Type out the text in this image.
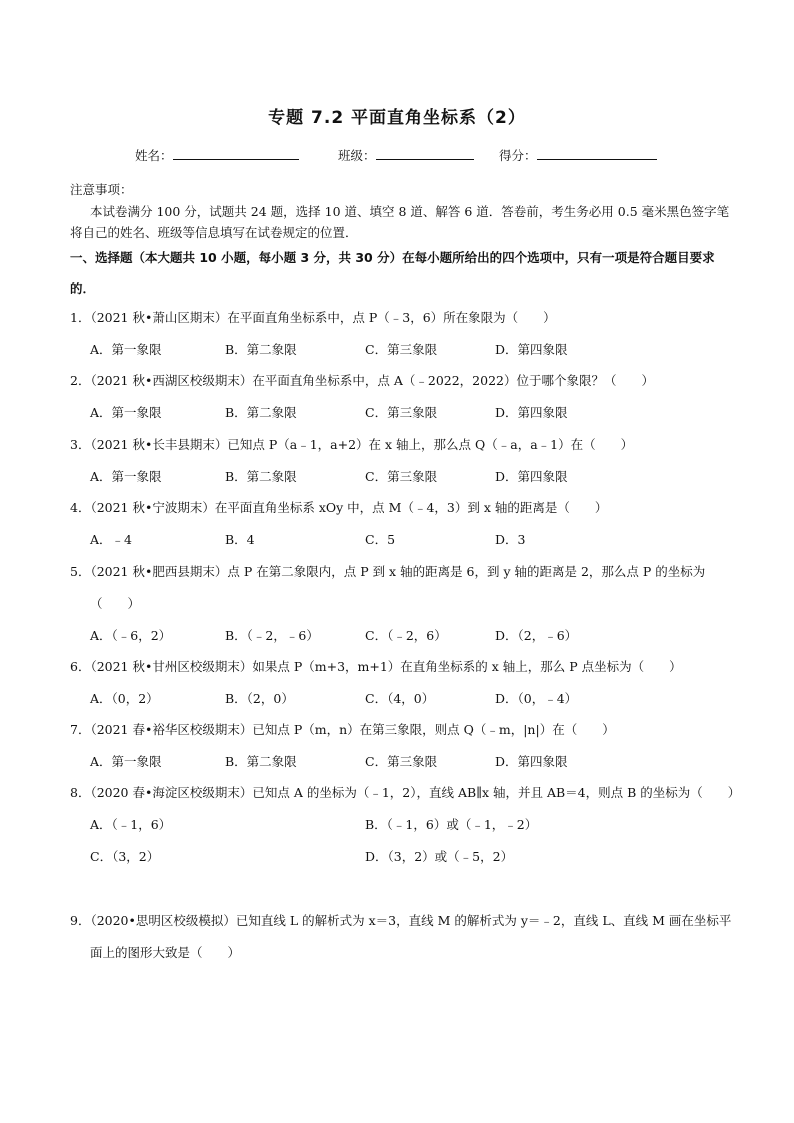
专题 7.2 平面直角坐标系（2）
姓名：	班级：	得分：
注意事项：
本试卷满分 100 分，试题共 24 题，选择 10 道、填空 8 道、解答 6 道．答卷前，考生务必用 0.5 毫米黑色签字笔将自己的姓名、班级等信息填写在试卷规定的位置．
一、选择题（本大题共 10 小题，每小题 3 分，共 30 分）在每小题所给出的四个选项中，只有一项是符合题目要求的．
1．（2021 秋•萧山区期末）在平面直角坐标系中，点 P（﹣3，6）所在象限为（　　）
A．第一象限	B．第二象限	C．第三象限	D．第四象限
2．（2021 秋•西湖区校级期末）在平面直角坐标系中，点 A（﹣2022，2022）位于哪个象限？（　　）
A．第一象限	B．第二象限	C．第三象限	D．第四象限
3．（2021 秋•长丰县期末）已知点 P（a﹣1，a+2）在 x 轴上，那么点 Q（﹣a，a﹣1）在（　　）
A．第一象限	B．第二象限	C．第三象限	D．第四象限
4．（2021 秋•宁波期末）在平面直角坐标系 xOy 中，点 M（﹣4，3）到 x 轴的距离是（　　）
A．﹣4	B．4	C．5	D．3
5．（2021 秋•肥西县期末）点 P 在第二象限内，点 P 到 x 轴的距离是 6，到 y 轴的距离是 2，那么点 P 的坐标为（　　）
A．（﹣6，2）	B．（﹣2，﹣6）	C．（﹣2，6）	D．（2，﹣6）
6．（2021 秋•甘州区校级期末）如果点 P（m+3，m+1）在直角坐标系的 x 轴上，那么 P 点坐标为（　　）
A．（0，2）	B．（2，0）	C．（4，0）	D．（0，﹣4）
7．（2021 春•裕华区校级期末）已知点 P（m，n）在第三象限，则点 Q（﹣m，|n|）在（　　）
A．第一象限	B．第二象限	C．第三象限	D．第四象限
8．（2020 春•海淀区校级期末）已知点 A 的坐标为（﹣1，2），直线 AB∥x 轴，并且 AB＝4，则点 B 的坐标为（　　）
A．（﹣1，6）	B．（﹣1，6）或（﹣1，﹣2）
C．（3，2）	D．（3，2）或（﹣5，2）
9．（2020•思明区校级模拟）已知直线 L 的解析式为 x＝3，直线 M 的解析式为 y＝﹣2，直线 L、直线 M 画在坐标平面上的图形大致是（　　）
